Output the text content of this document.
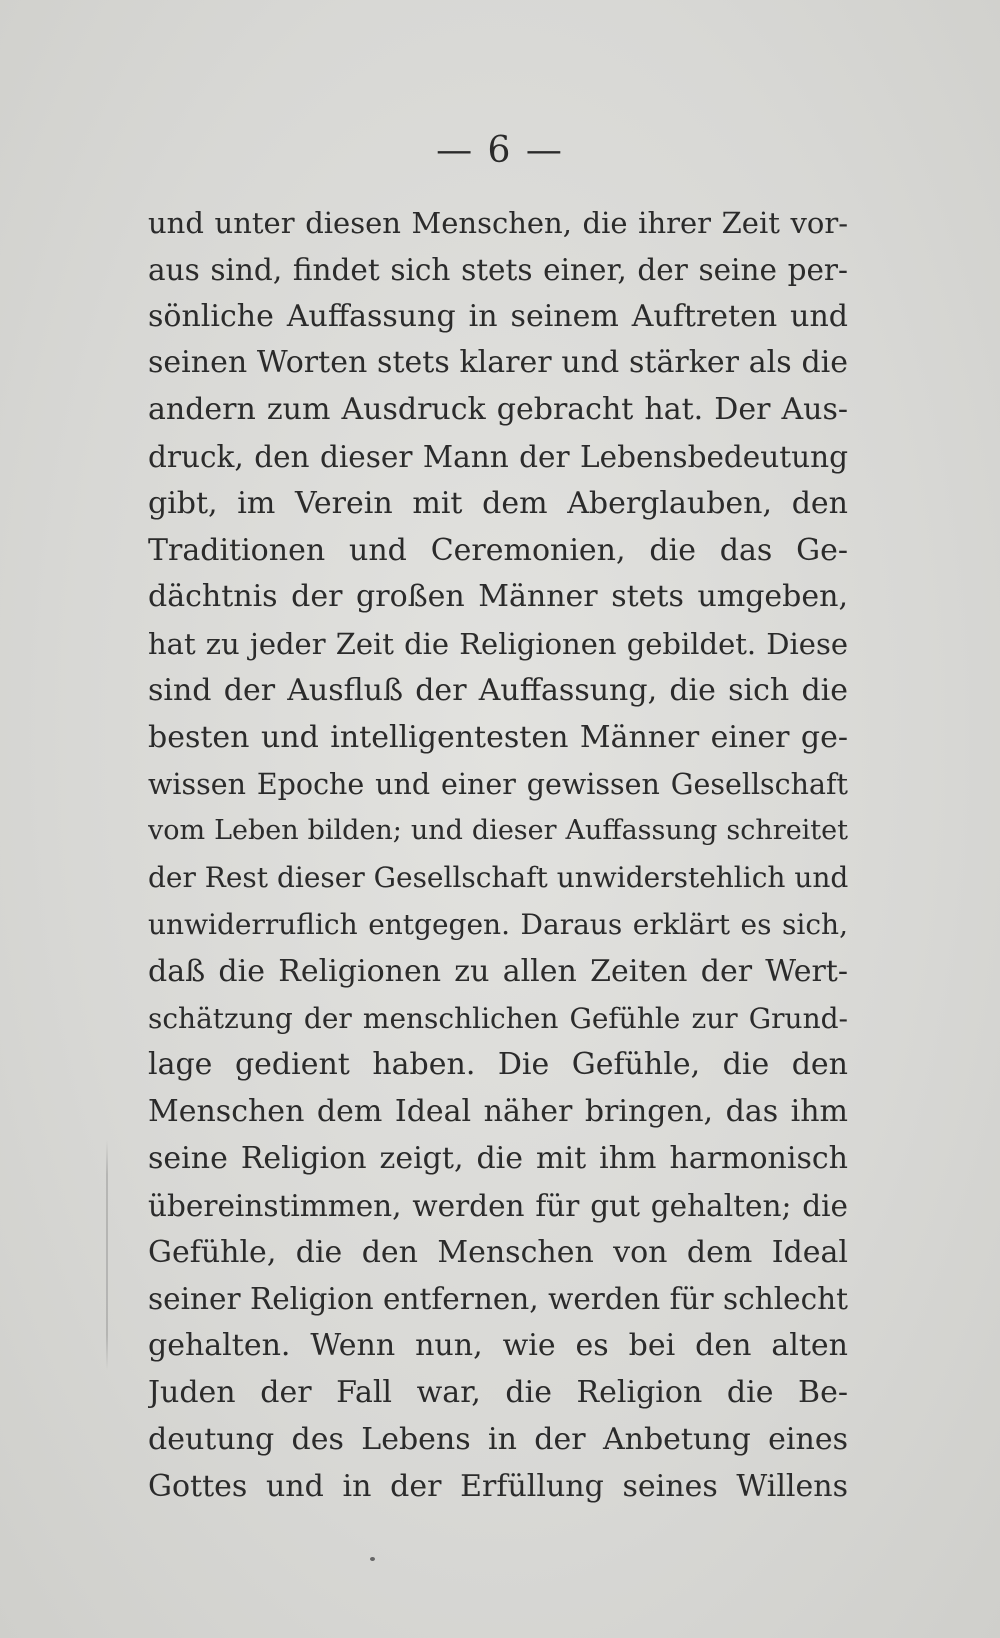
— 6 —
und unter diesen Menschen, die ihrer Zeit vor-
aus sind, findet sich stets einer, der seine per-
sönliche Auffassung in seinem Auftreten und
seinen Worten stets klarer und stärker als die
andern zum Ausdruck gebracht hat. Der Aus-
druck, den dieser Mann der Lebensbedeutung
gibt, im Verein mit dem Aberglauben, den
Traditionen und Ceremonien, die das Ge-
dächtnis der großen Männer stets umgeben,
hat zu jeder Zeit die Religionen gebildet. Diese
sind der Ausfluß der Auffassung, die sich die
besten und intelligentesten Männer einer ge-
wissen Epoche und einer gewissen Gesellschaft
vom Leben bilden; und dieser Auffassung schreitet
der Rest dieser Gesellschaft unwiderstehlich und
unwiderruflich entgegen. Daraus erklärt es sich,
daß die Religionen zu allen Zeiten der Wert-
schätzung der menschlichen Gefühle zur Grund-
lage gedient haben. Die Gefühle, die den
Menschen dem Ideal näher bringen, das ihm
seine Religion zeigt, die mit ihm harmonisch
übereinstimmen, werden für gut gehalten; die
Gefühle, die den Menschen von dem Ideal
seiner Religion entfernen, werden für schlecht
gehalten. Wenn nun, wie es bei den alten
Juden der Fall war, die Religion die Be-
deutung des Lebens in der Anbetung eines
Gottes und in der Erfüllung seines Willens
